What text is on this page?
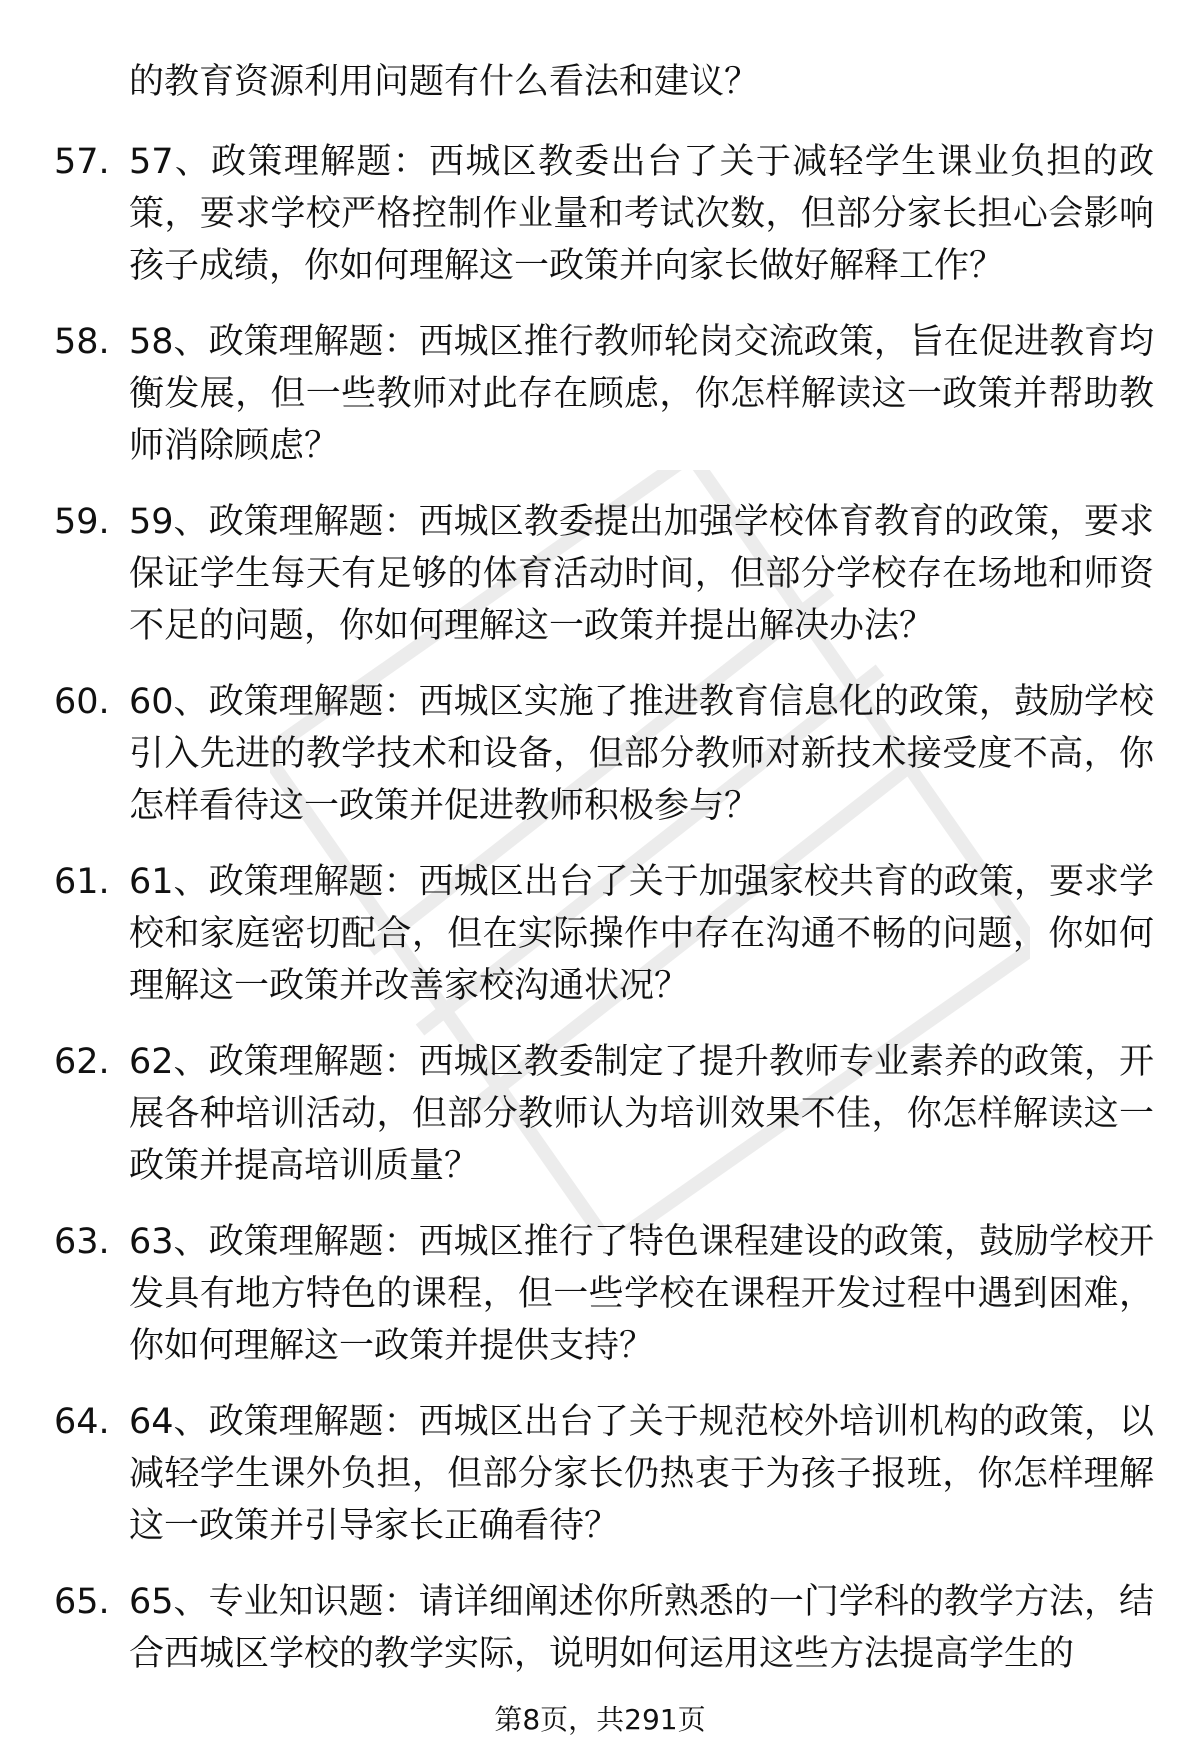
的教育资源利用问题有什么看法和建议？

57. 57、政策理解题：西城区教委出台了关于减轻学生课业负担的政策，要求学校严格控制作业量和考试次数，但部分家长担心会影响孩子成绩，你如何理解这一政策并向家长做好解释工作？
58. 58、政策理解题：西城区推行教师轮岗交流政策，旨在促进教育均衡发展，但一些教师对此存在顾虑，你怎样解读这一政策并帮助教师消除顾虑？
59. 59、政策理解题：西城区教委提出加强学校体育教育的政策，要求保证学生每天有足够的体育活动时间，但部分学校存在场地和师资不足的问题，你如何理解这一政策并提出解决办法？
60. 60、政策理解题：西城区实施了推进教育信息化的政策，鼓励学校引入先进的教学技术和设备，但部分教师对新技术接受度不高，你怎样看待这一政策并促进教师积极参与？
61. 61、政策理解题：西城区出台了关于加强家校共育的政策，要求学校和家庭密切配合，但在实际操作中存在沟通不畅的问题，你如何理解这一政策并改善家校沟通状况？
62. 62、政策理解题：西城区教委制定了提升教师专业素养的政策，开展各种培训活动，但部分教师认为培训效果不佳，你怎样解读这一政策并提高培训质量？
63. 63、政策理解题：西城区推行了特色课程建设的政策，鼓励学校开发具有地方特色的课程，但一些学校在课程开发过程中遇到困难，你如何理解这一政策并提供支持？
64. 64、政策理解题：西城区出台了关于规范校外培训机构的政策，以减轻学生课外负担，但部分家长仍热衷于为孩子报班，你怎样理解这一政策并引导家长正确看待？
65. 65、专业知识题：请详细阐述你所熟悉的一门学科的教学方法，结合西城区学校的教学实际，说明如何运用这些方法提高学生的
第8页，共291页
